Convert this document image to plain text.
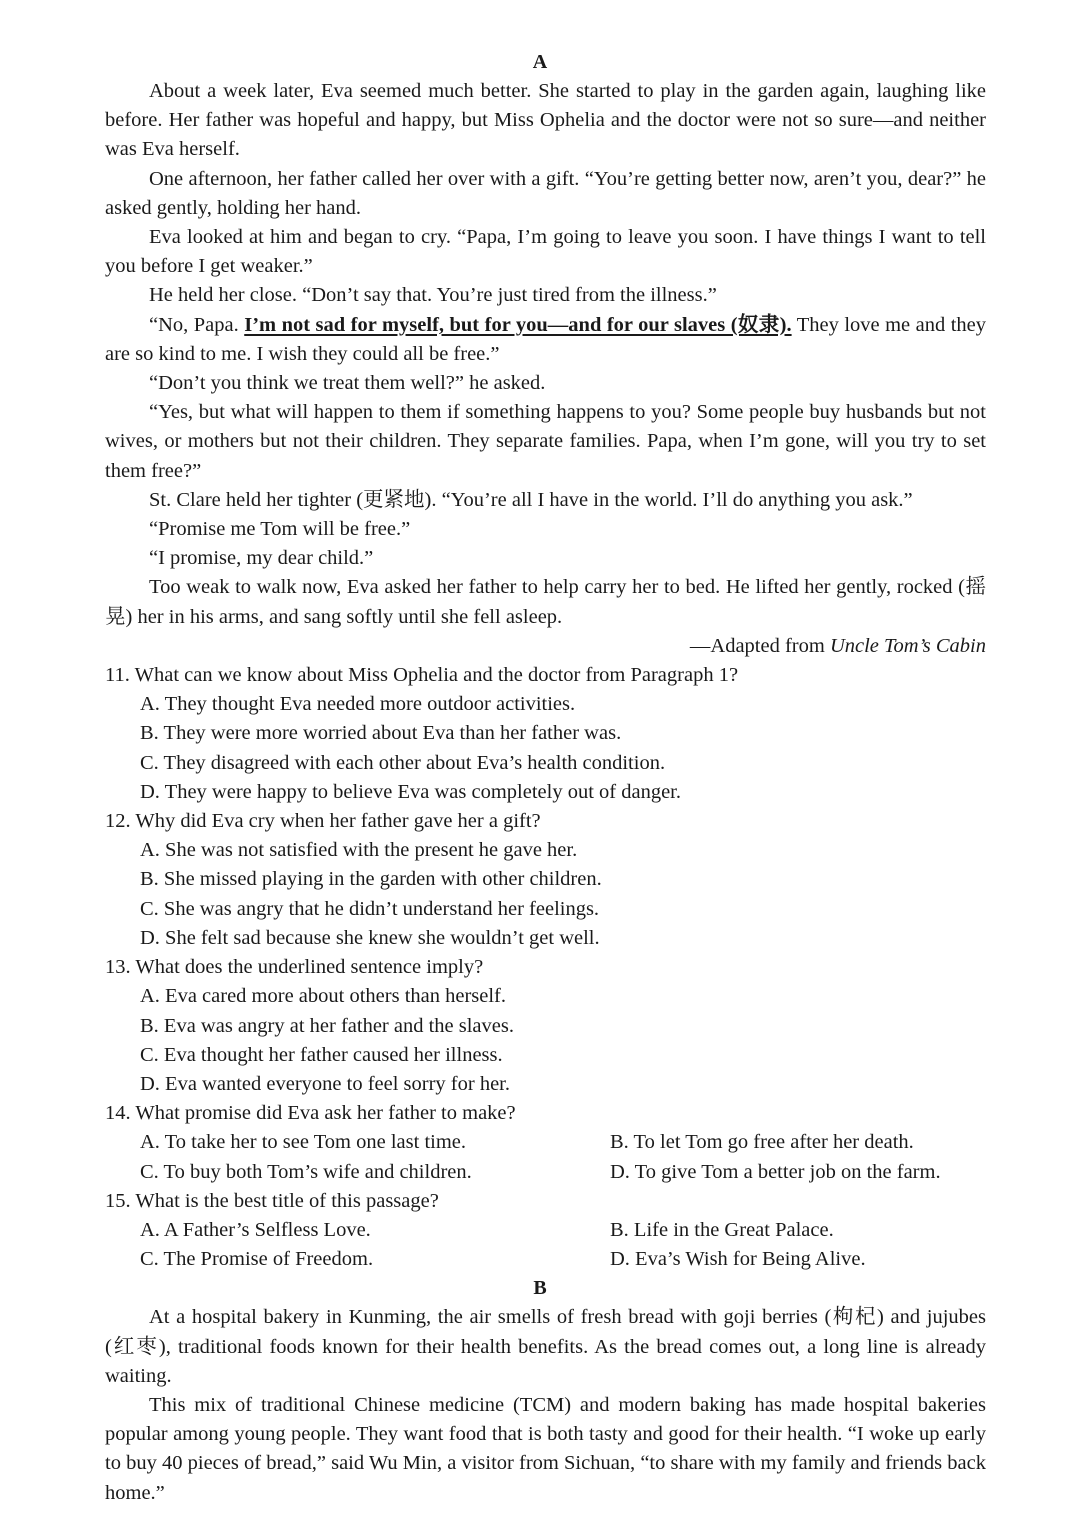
A

About a week later, Eva seemed much better. She started to play in the garden again, laughing like before. Her father was hopeful and happy, but Miss Ophelia and the doctor were not so sure—and neither was Eva herself.

One afternoon, her father called her over with a gift. “You’re getting better now, aren’t you, dear?” he asked gently, holding her hand.

Eva looked at him and began to cry. “Papa, I’m going to leave you soon. I have things I want to tell you before I get weaker.”

He held her close. “Don’t say that. You’re just tired from the illness.”

“No, Papa. I’m not sad for myself, but for you—and for our slaves (奴隶). They love me and they are so kind to me. I wish they could all be free.”

“Don’t you think we treat them well?” he asked.

“Yes, but what will happen to them if something happens to you? Some people buy husbands but not wives, or mothers but not their children. They separate families. Papa, when I’m gone, will you try to set them free?”

St. Clare held her tighter (更紧地). “You’re all I have in the world. I’ll do anything you ask.”

“Promise me Tom will be free.”

“I promise, my dear child.”

Too weak to walk now, Eva asked her father to help carry her to bed. He lifted her gently, rocked (摇晃) her in his arms, and sang softly until she fell asleep.

—Adapted from Uncle Tom’s Cabin
11. What can we know about Miss Ophelia and the doctor from Paragraph 1?
A. They thought Eva needed more outdoor activities.
B. They were more worried about Eva than her father was.
C. They disagreed with each other about Eva’s health condition.
D. They were happy to believe Eva was completely out of danger.
12. Why did Eva cry when her father gave her a gift?
A. She was not satisfied with the present he gave her.
B. She missed playing in the garden with other children.
C. She was angry that he didn’t understand her feelings.
D. She felt sad because she knew she wouldn’t get well.
13. What does the underlined sentence imply?
A. Eva cared more about others than herself.
B. Eva was angry at her father and the slaves.
C. Eva thought her father caused her illness.
D. Eva wanted everyone to feel sorry for her.
14. What promise did Eva ask her father to make?
A. To take her to see Tom one last time.	B. To let Tom go free after her death.
C. To buy both Tom’s wife and children.	D. To give Tom a better job on the farm.
15. What is the best title of this passage?
A. A Father’s Selfless Love.	B. Life in the Great Palace.
C. The Promise of Freedom.	D. Eva’s Wish for Being Alive.
B

At a hospital bakery in Kunming, the air smells of fresh bread with goji berries (枸杞) and jujubes (红枣), traditional foods known for their health benefits. As the bread comes out, a long line is already waiting.

This mix of traditional Chinese medicine (TCM) and modern baking has made hospital bakeries popular among young people. They want food that is both tasty and good for their health. “I woke up early to buy 40 pieces of bread,” said Wu Min, a visitor from Sichuan, “to share with my family and friends back home.”
